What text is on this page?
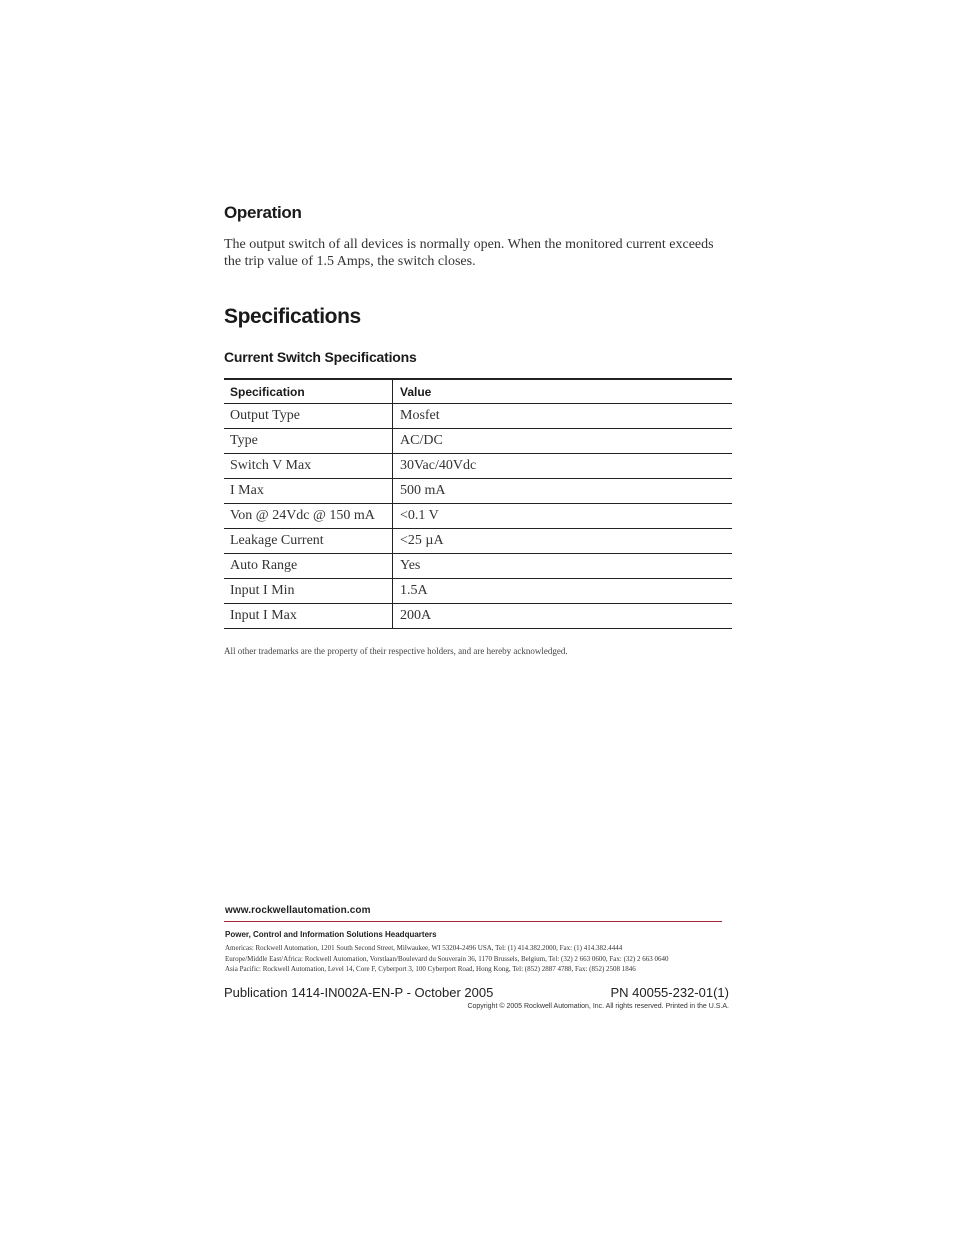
Operation
The output switch of all devices is normally open. When the monitored current exceeds the trip value of 1.5 Amps, the switch closes.
Specifications
Current Switch Specifications
Specification	Value
Output Type	Mosfet
Type	AC/DC
Switch V Max	30Vac/40Vdc
I Max	500 mA
Von @ 24Vdc @ 150 mA	<0.1 V
Leakage Current	<25 µA
Auto Range	Yes
Input I Min	1.5A
Input I Max	200A
All other trademarks are the property of their respective holders, and are hereby acknowledged.
www.rockwellautomation.com
Power, Control and Information Solutions Headquarters
Americas: Rockwell Automation, 1201 South Second Street, Milwaukee, WI 53204-2496 USA, Tel: (1) 414.382.2000, Fax: (1) 414.382.4444
Europe/Middle East/Africa: Rockwell Automation, Vorstlaan/Boulevard du Souverain 36, 1170 Brussels, Belgium, Tel: (32) 2 663 0600, Fax: (32) 2 663 0640
Asia Pacific: Rockwell Automation, Level 14, Core F, Cyberport 3, 100 Cyberport Road, Hong Kong, Tel: (852) 2887 4788, Fax: (852) 2508 1846
Publication 1414-IN002A-EN-P - October 2005	PN 40055-232-01(1)
Copyright © 2005 Rockwell Automation, Inc. All rights reserved. Printed in the U.S.A.
